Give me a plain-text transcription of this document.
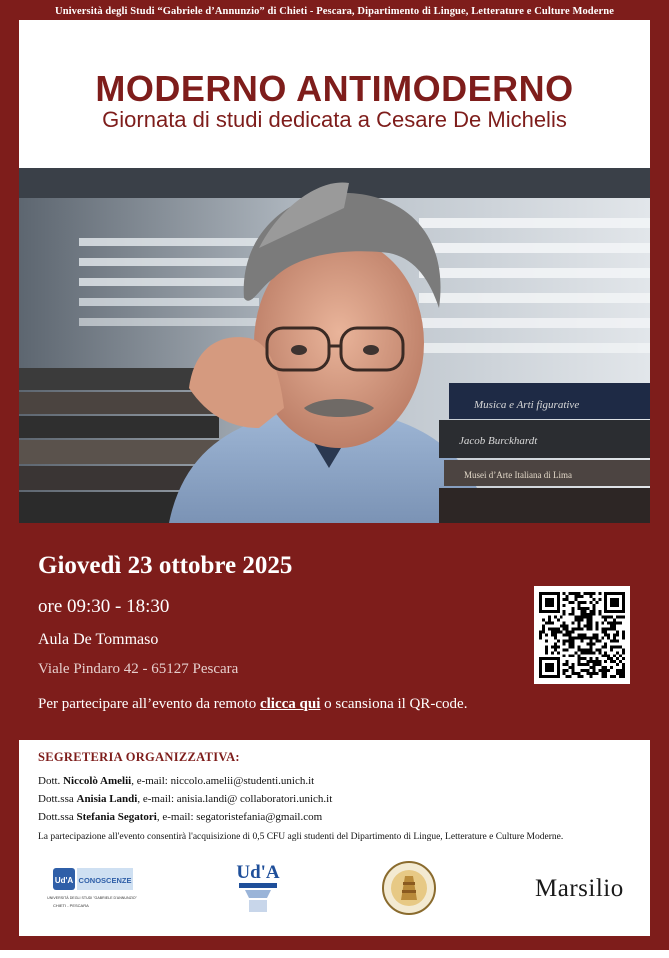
Università degli Studi “Gabriele d’Annunzio” di Chieti - Pescara, Dipartimento di Lingue, Letterature e Culture Moderne
MODERNO ANTIMODERNO
Giornata di studi dedicata a Cesare De Michelis
Musica e Arti figurative
Jacob Burckhardt
Musei d’Arte Italiana di Lima
Giovedì 23 ottobre 2025
ore 09:30 - 18:30
Aula De Tommaso
Viale Pindaro 42 - 65127 Pescara
Per partecipare all’evento da remoto clicca qui o scansiona il QR-code.
SEGRETERIA ORGANIZZATIVA:
Dott. Niccolò Amelii, e-mail: niccolo.amelii@studenti.unich.it
Dott.ssa Anisia Landi, e-mail: anisia.landi@ collaboratori.unich.it
Dott.ssa Stefania Segatori, e-mail: segatoristefania@gmail.com
La partecipazione all'evento consentirà l'acquisizione di 0,5 CFU agli studenti del Dipartimento di Lingue, Letterature e Culture Moderne.
Ud'A CONOSCENZE
UNIVERSITÀ DEGLI STUDI "GABRIELE D'ANNUNZIO"
CHIETI - PESCARA
Ud'A
Marsilio
